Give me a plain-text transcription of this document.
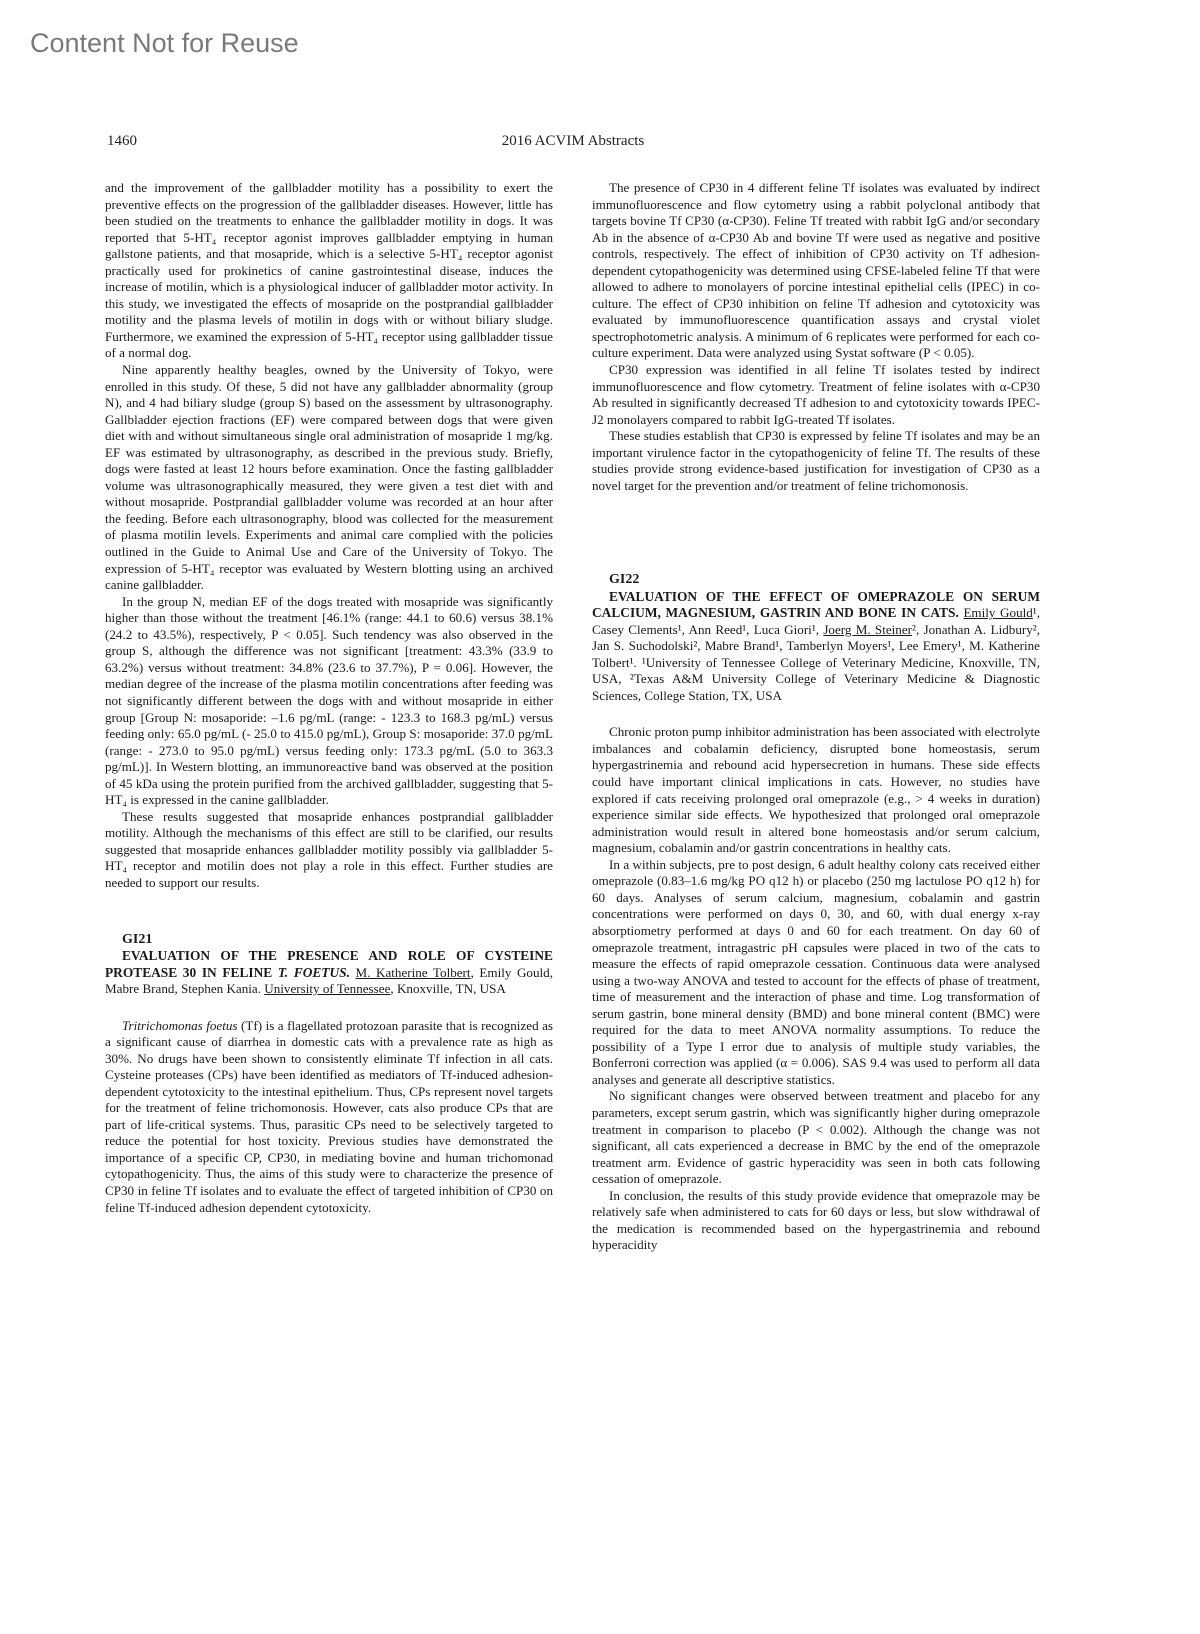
Content Not for Reuse
1460	2016 ACVIM Abstracts

and the improvement of the gallbladder motility has a possibility to exert the preventive effects on the progression of the gallbladder diseases. However, little has been studied on the treatments to enhance the gallbladder motility in dogs. It was reported that 5-HT₄ receptor agonist improves gallbladder emptying in human gallstone patients, and that mosapride, which is a selective 5-HT₄ receptor agonist practically used for prokinetics of canine gastrointestinal disease, induces the increase of motilin, which is a physiological inducer of gallbladder motor activity. In this study, we investigated the effects of mosapride on the postprandial gallbladder motility and the plasma levels of motilin in dogs with or without biliary sludge. Furthermore, we examined the expression of 5-HT₄ receptor using gallbladder tissue of a normal dog.

Nine apparently healthy beagles, owned by the University of Tokyo, were enrolled in this study. Of these, 5 did not have any gallbladder abnormality (group N), and 4 had biliary sludge (group S) based on the assessment by ultrasonography. Gallbladder ejection fractions (EF) were compared between dogs that were given diet with and without simultaneous single oral administration of mosapride 1 mg/kg. EF was estimated by ultrasonography, as described in the previous study. Briefly, dogs were fasted at least 12 hours before examination. Once the fasting gallbladder volume was ultrasonographically measured, they were given a test diet with and without mosapride. Postprandial gallbladder volume was recorded at an hour after the feeding. Before each ultrasonography, blood was collected for the measurement of plasma motilin levels. Experiments and animal care complied with the policies outlined in the Guide to Animal Use and Care of the University of Tokyo. The expression of 5-HT₄ receptor was evaluated by Western blotting using an archived canine gallbladder.

In the group N, median EF of the dogs treated with mosapride was significantly higher than those without the treatment [46.1% (range: 44.1 to 60.6) versus 38.1% (24.2 to 43.5%), respectively, P < 0.05]. Such tendency was also observed in the group S, although the difference was not significant [treatment: 43.3% (33.9 to 63.2%) versus without treatment: 34.8% (23.6 to 37.7%), P = 0.06]. However, the median degree of the increase of the plasma motilin concentrations after feeding was not significantly different between the dogs with and without mosapride in either group [Group N: mosaporide: –1.6 pg/mL (range: - 123.3 to 168.3 pg/mL) versus feeding only: 65.0 pg/mL (- 25.0 to 415.0 pg/mL), Group S: mosaporide: 37.0 pg/mL (range: - 273.0 to 95.0 pg/mL) versus feeding only: 173.3 pg/mL (5.0 to 363.3 pg/mL)]. In Western blotting, an immunoreactive band was observed at the position of 45 kDa using the protein purified from the archived gallbladder, suggesting that 5-HT₄ is expressed in the canine gallbladder.

These results suggested that mosapride enhances postprandial gallbladder motility. Although the mechanisms of this effect are still to be clarified, our results suggested that mosapride enhances gallbladder motility possibly via gallbladder 5-HT₄ receptor and motilin does not play a role in this effect. Further studies are needed to support our results.

GI21

EVALUATION OF THE PRESENCE AND ROLE OF CYSTEINE PROTEASE 30 IN FELINE T. FOETUS. M. Katherine Tolbert, Emily Gould, Mabre Brand, Stephen Kania. University of Tennessee, Knoxville, TN, USA

Tritrichomonas foetus (Tf) is a flagellated protozoan parasite that is recognized as a significant cause of diarrhea in domestic cats with a prevalence rate as high as 30%. No drugs have been shown to consistently eliminate Tf infection in all cats. Cysteine proteases (CPs) have been identified as mediators of Tf-induced adhesion-dependent cytotoxicity to the intestinal epithelium. Thus, CPs represent novel targets for the treatment of feline trichomonosis. However, cats also produce CPs that are part of life-critical systems. Thus, parasitic CPs need to be selectively targeted to reduce the potential for host toxicity. Previous studies have demonstrated the importance of a specific CP, CP30, in mediating bovine and human trichomonad cytopathogenicity. Thus, the aims of this study were to characterize the presence of CP30 in feline Tf isolates and to evaluate the effect of targeted inhibition of CP30 on feline Tf-induced adhesion dependent cytotoxicity.

The presence of CP30 in 4 different feline Tf isolates was evaluated by indirect immunofluorescence and flow cytometry using a rabbit polyclonal antibody that targets bovine Tf CP30 (α-CP30). Feline Tf treated with rabbit IgG and/or secondary Ab in the absence of α-CP30 Ab and bovine Tf were used as negative and positive controls, respectively. The effect of inhibition of CP30 activity on Tf adhesion-dependent cytopathogenicity was determined using CFSE-labeled feline Tf that were allowed to adhere to monolayers of porcine intestinal epithelial cells (IPEC) in co-culture. The effect of CP30 inhibition on feline Tf adhesion and cytotoxicity was evaluated by immunofluorescence quantification assays and crystal violet spectrophotometric analysis. A minimum of 6 replicates were performed for each co-culture experiment. Data were analyzed using Systat software (P < 0.05).

CP30 expression was identified in all feline Tf isolates tested by indirect immunofluorescence and flow cytometry. Treatment of feline isolates with α-CP30 Ab resulted in significantly decreased Tf adhesion to and cytotoxicity towards IPEC-J2 monolayers compared to rabbit IgG-treated Tf isolates.

These studies establish that CP30 is expressed by feline Tf isolates and may be an important virulence factor in the cytopathogenicity of feline Tf. The results of these studies provide strong evidence-based justification for investigation of CP30 as a novel target for the prevention and/or treatment of feline trichomonosis.

GI22

EVALUATION OF THE EFFECT OF OMEPRAZOLE ON SERUM CALCIUM, MAGNESIUM, GASTRIN AND BONE IN CATS. Emily Gould¹, Casey Clements¹, Ann Reed¹, Luca Giori¹, Joerg M. Steiner², Jonathan A. Lidbury², Jan S. Suchodolski², Mabre Brand¹, Tamberlyn Moyers¹, Lee Emery¹, M. Katherine Tolbert¹. ¹University of Tennessee College of Veterinary Medicine, Knoxville, TN, USA, ²Texas A&M University College of Veterinary Medicine & Diagnostic Sciences, College Station, TX, USA

Chronic proton pump inhibitor administration has been associated with electrolyte imbalances and cobalamin deficiency, disrupted bone homeostasis, serum hypergastrinemia and rebound acid hypersecretion in humans. These side effects could have important clinical implications in cats. However, no studies have explored if cats receiving prolonged oral omeprazole (e.g., > 4 weeks in duration) experience similar side effects. We hypothesized that prolonged oral omeprazole administration would result in altered bone homeostasis and/or serum calcium, magnesium, cobalamin and/or gastrin concentrations in healthy cats.

In a within subjects, pre to post design, 6 adult healthy colony cats received either omeprazole (0.83–1.6 mg/kg PO q12 h) or placebo (250 mg lactulose PO q12 h) for 60 days. Analyses of serum calcium, magnesium, cobalamin and gastrin concentrations were performed on days 0, 30, and 60, with dual energy x-ray absorptiometry performed at days 0 and 60 for each treatment. On day 60 of omeprazole treatment, intragastric pH capsules were placed in two of the cats to measure the effects of rapid omeprazole cessation. Continuous data were analysed using a two-way ANOVA and tested to account for the effects of phase of treatment, time of measurement and the interaction of phase and time. Log transformation of serum gastrin, bone mineral density (BMD) and bone mineral content (BMC) were required for the data to meet ANOVA normality assumptions. To reduce the possibility of a Type I error due to analysis of multiple study variables, the Bonferroni correction was applied (α = 0.006). SAS 9.4 was used to perform all data analyses and generate all descriptive statistics.

No significant changes were observed between treatment and placebo for any parameters, except serum gastrin, which was significantly higher during omeprazole treatment in comparison to placebo (P < 0.002). Although the change was not significant, all cats experienced a decrease in BMC by the end of the omeprazole treatment arm. Evidence of gastric hyperacidity was seen in both cats following cessation of omeprazole.

In conclusion, the results of this study provide evidence that omeprazole may be relatively safe when administered to cats for 60 days or less, but slow withdrawal of the medication is recommended based on the hypergastrinemia and rebound hyperacidity
